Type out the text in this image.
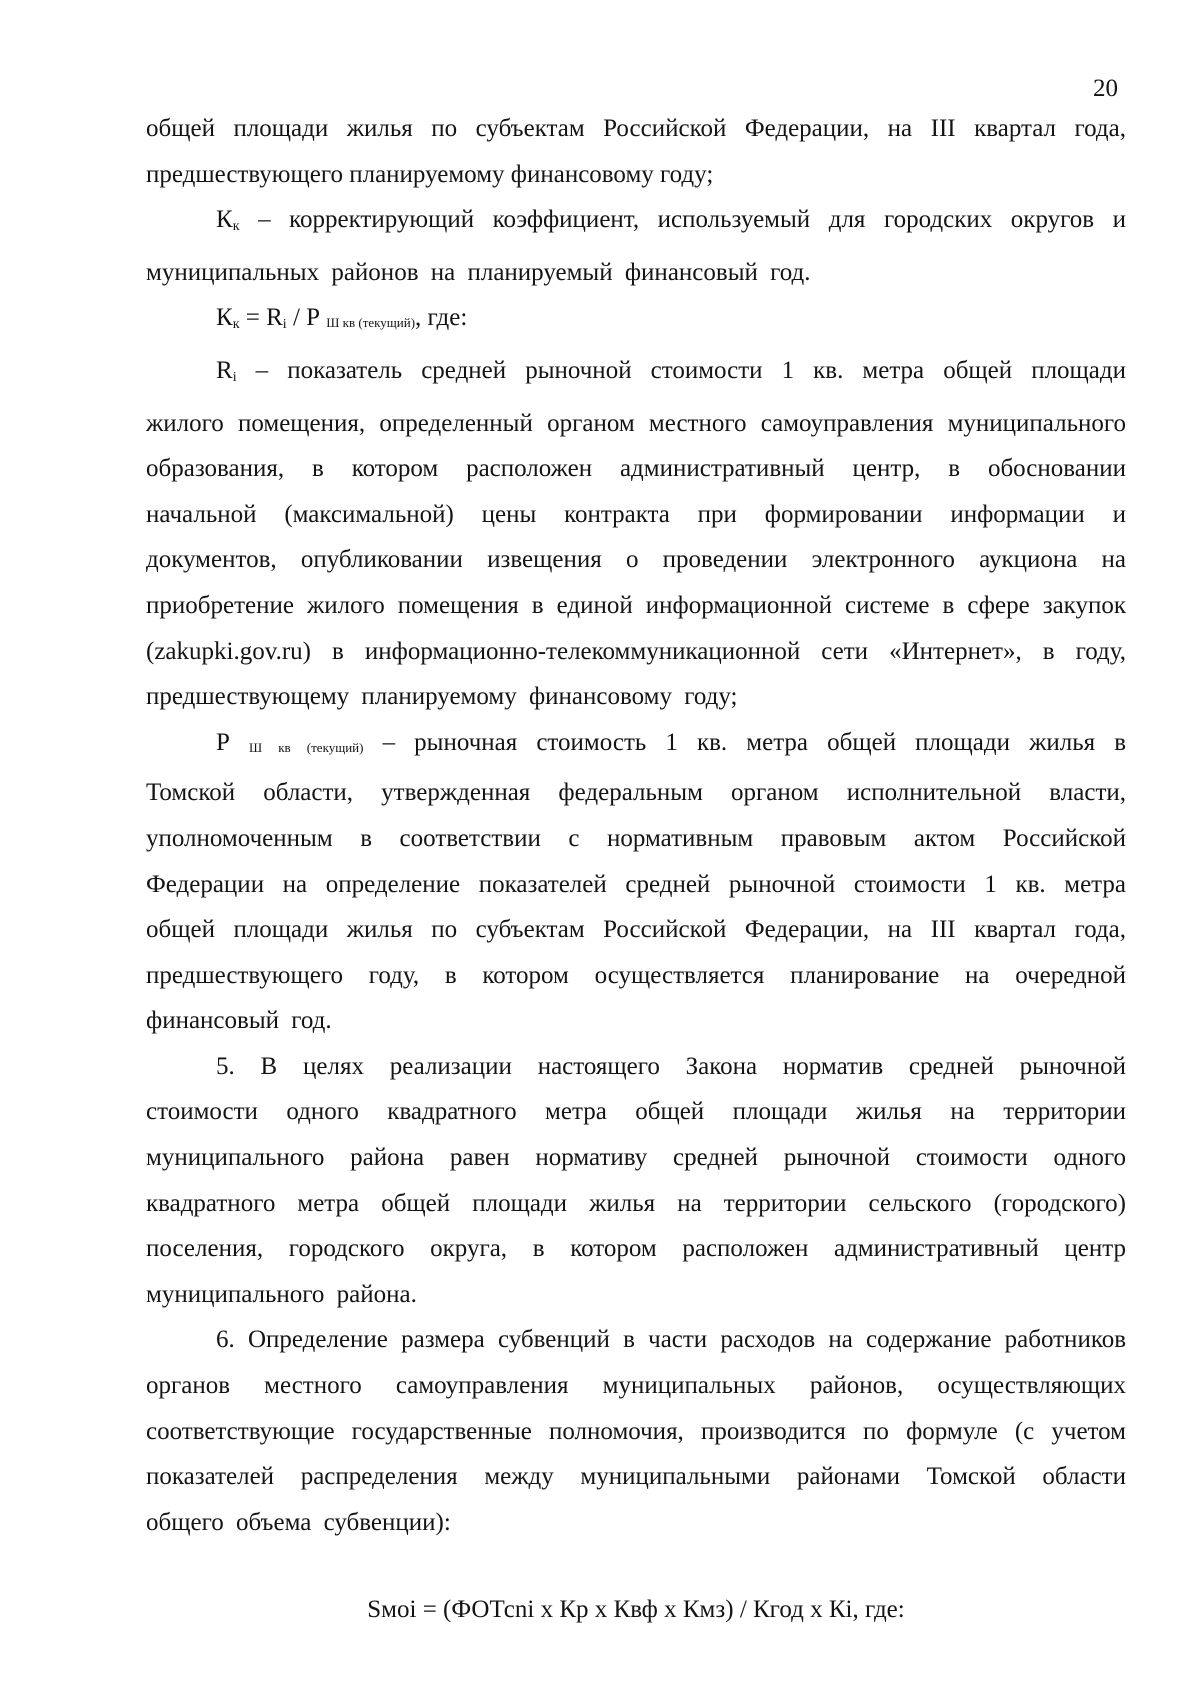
20

общей площади жилья по субъектам Российской Федерации, на III квартал года, предшествующего планируемому финансовому году;

$К_к$ – корректирующий коэффициент, используемый для городских округов и муниципальных районов на планируемый финансовый год.

$К_к = R_i / Р$ Ш кв (текущий), где:

$R_i$ – показатель средней рыночной стоимости 1 кв. метра общей площади жилого помещения, определенный органом местного самоуправления муниципального образования, в котором расположен административный центр, в обосновании начальной (максимальной) цены контракта при формировании информации и документов, опубликовании извещения о проведении электронного аукциона на приобретение жилого помещения в единой информационной системе в сфере закупок (zakupki.gov.ru) в информационно-телекоммуникационной сети «Интернет», в году, предшествующему планируемому финансовому году;

Р Ш кв (текущий) – рыночная стоимость 1 кв. метра общей площади жилья в Томской области, утвержденная федеральным органом исполнительной власти, уполномоченным в соответствии с нормативным правовым актом Российской Федерации на определение показателей средней рыночной стоимости 1 кв. метра общей площади жилья по субъектам Российской Федерации, на III квартал года, предшествующего году, в котором осуществляется планирование на очередной финансовый год.

5. В целях реализации настоящего Закона норматив средней рыночной стоимости одного квадратного метра общей площади жилья на территории муниципального района равен нормативу средней рыночной стоимости одного квадратного метра общей площади жилья на территории сельского (городского) поселения, городского округа, в котором расположен административный центр муниципального района.

6. Определение размера субвенций в части расходов на содержание работников органов местного самоуправления муниципальных районов, осуществляющих соответствующие государственные полномочия, производится по формуле (с учетом показателей распределения между муниципальными районами Томской области общего объема субвенции):

Sмoi = (ФОТсnі х Кр х Квф х Кмз) / Кгод х Кі, где:
